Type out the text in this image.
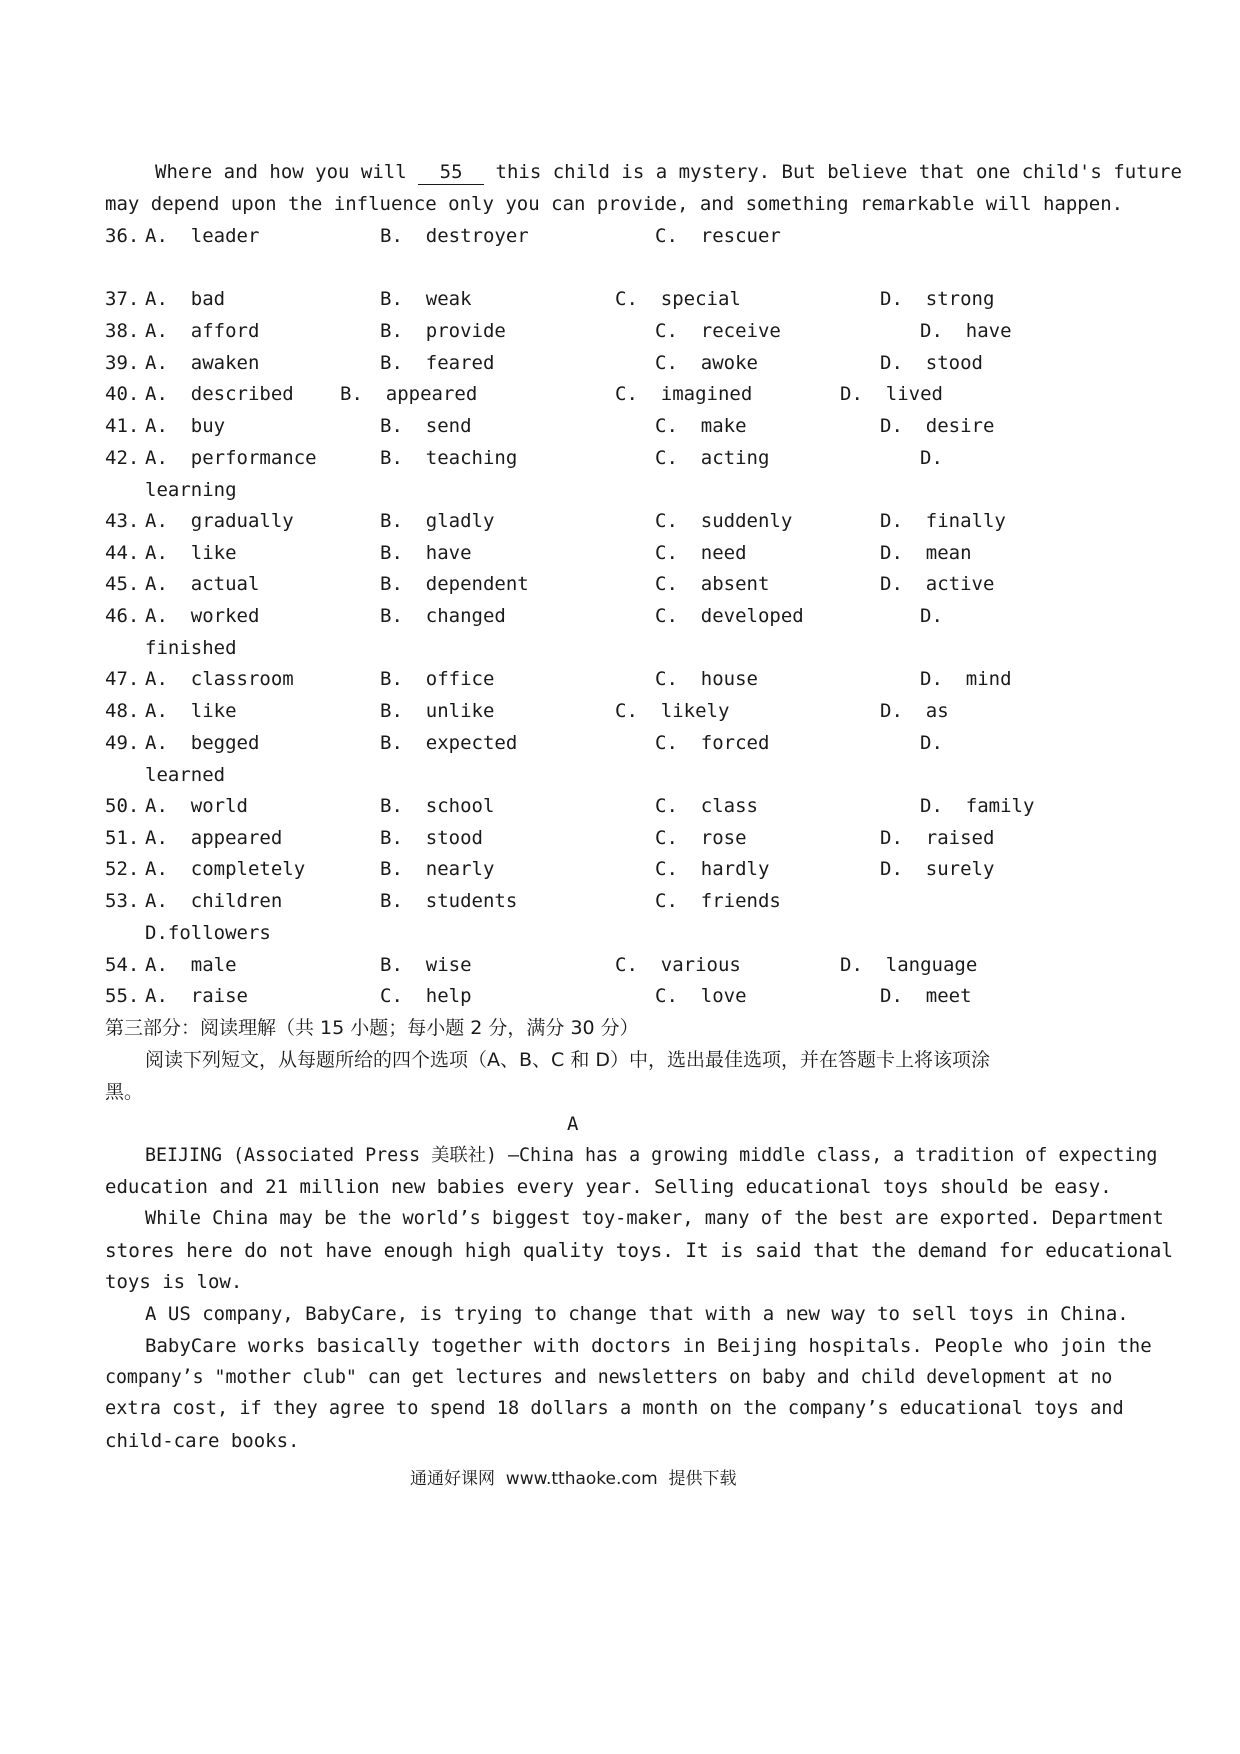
Where and how you will 55 this child is a mystery. But believe that one child's future
may depend upon the influence only you can provide, and something remarkable will happen.
36. A.  leader	B.  destroyer	C.  rescuer
37. A.  bad	B.  weak	C.  special	D.  strong
38. A.  afford	B.  provide	C.  receive	D.  have
39. A.  awaken	B.  feared	C.  awoke	D.  stood
40. A.  described B.  appeared	C.  imagined	D.  lived
41. A.  buy	B.  send	C.  make	D.  desire
42. A.  performance	B.  teaching	C.  acting	D.
learning
43. A.  gradually	B.  gladly	C.  suddenly	D.  finally
44. A.  like	B.  have	C.  need	D.  mean
45. A.  actual	B.  dependent	C.  absent	D.  active
46. A.  worked	B.  changed	C.  developed	D.
finished
47. A.  classroom	B.  office	C.  house	D.  mind
48. A.  like	B.  unlike	C.  likely	D.  as
49. A.  begged	B.  expected	C.  forced	D.
learned
50. A.  world	B.  school	C.  class	D.  family
51. A.  appeared	B.  stood	C.  rose	D.  raised
52. A.  completely	B.  nearly	C.  hardly	D.  surely
53. A.  children	B.  students	C.  friends
D.followers
54. A.  male	B.  wise	C.  various	D.  language
55. A.  raise	C.  help	C.  love	D.  meet
第三部分：阅读理解（共 15 小题；每小题 2 分，满分 30 分）
阅读下列短文，从每题所给的四个选项（A、B、C 和 D）中，选出最佳选项，并在答题卡上将该项涂
黑。
A
BEIJING (Associated Press 美联社) —China has a growing middle class, a tradition of expecting
education and 21 million new babies every year. Selling educational toys should be easy.
While China may be the world’s biggest toy-maker, many of the best are exported. Department
stores here do not have enough high quality toys. It is said that the demand for educational
toys is low.
A US company, BabyCare, is trying to change that with a new way to sell toys in China.
BabyCare works basically together with doctors in Beijing hospitals. People who join the
company’s "mother club" can get lectures and newsletters on baby and child development at no
extra cost, if they agree to spend 18 dollars a month on the company’s educational toys and
child-care books.
通通好课网  www.tthaoke.com  提供下载
